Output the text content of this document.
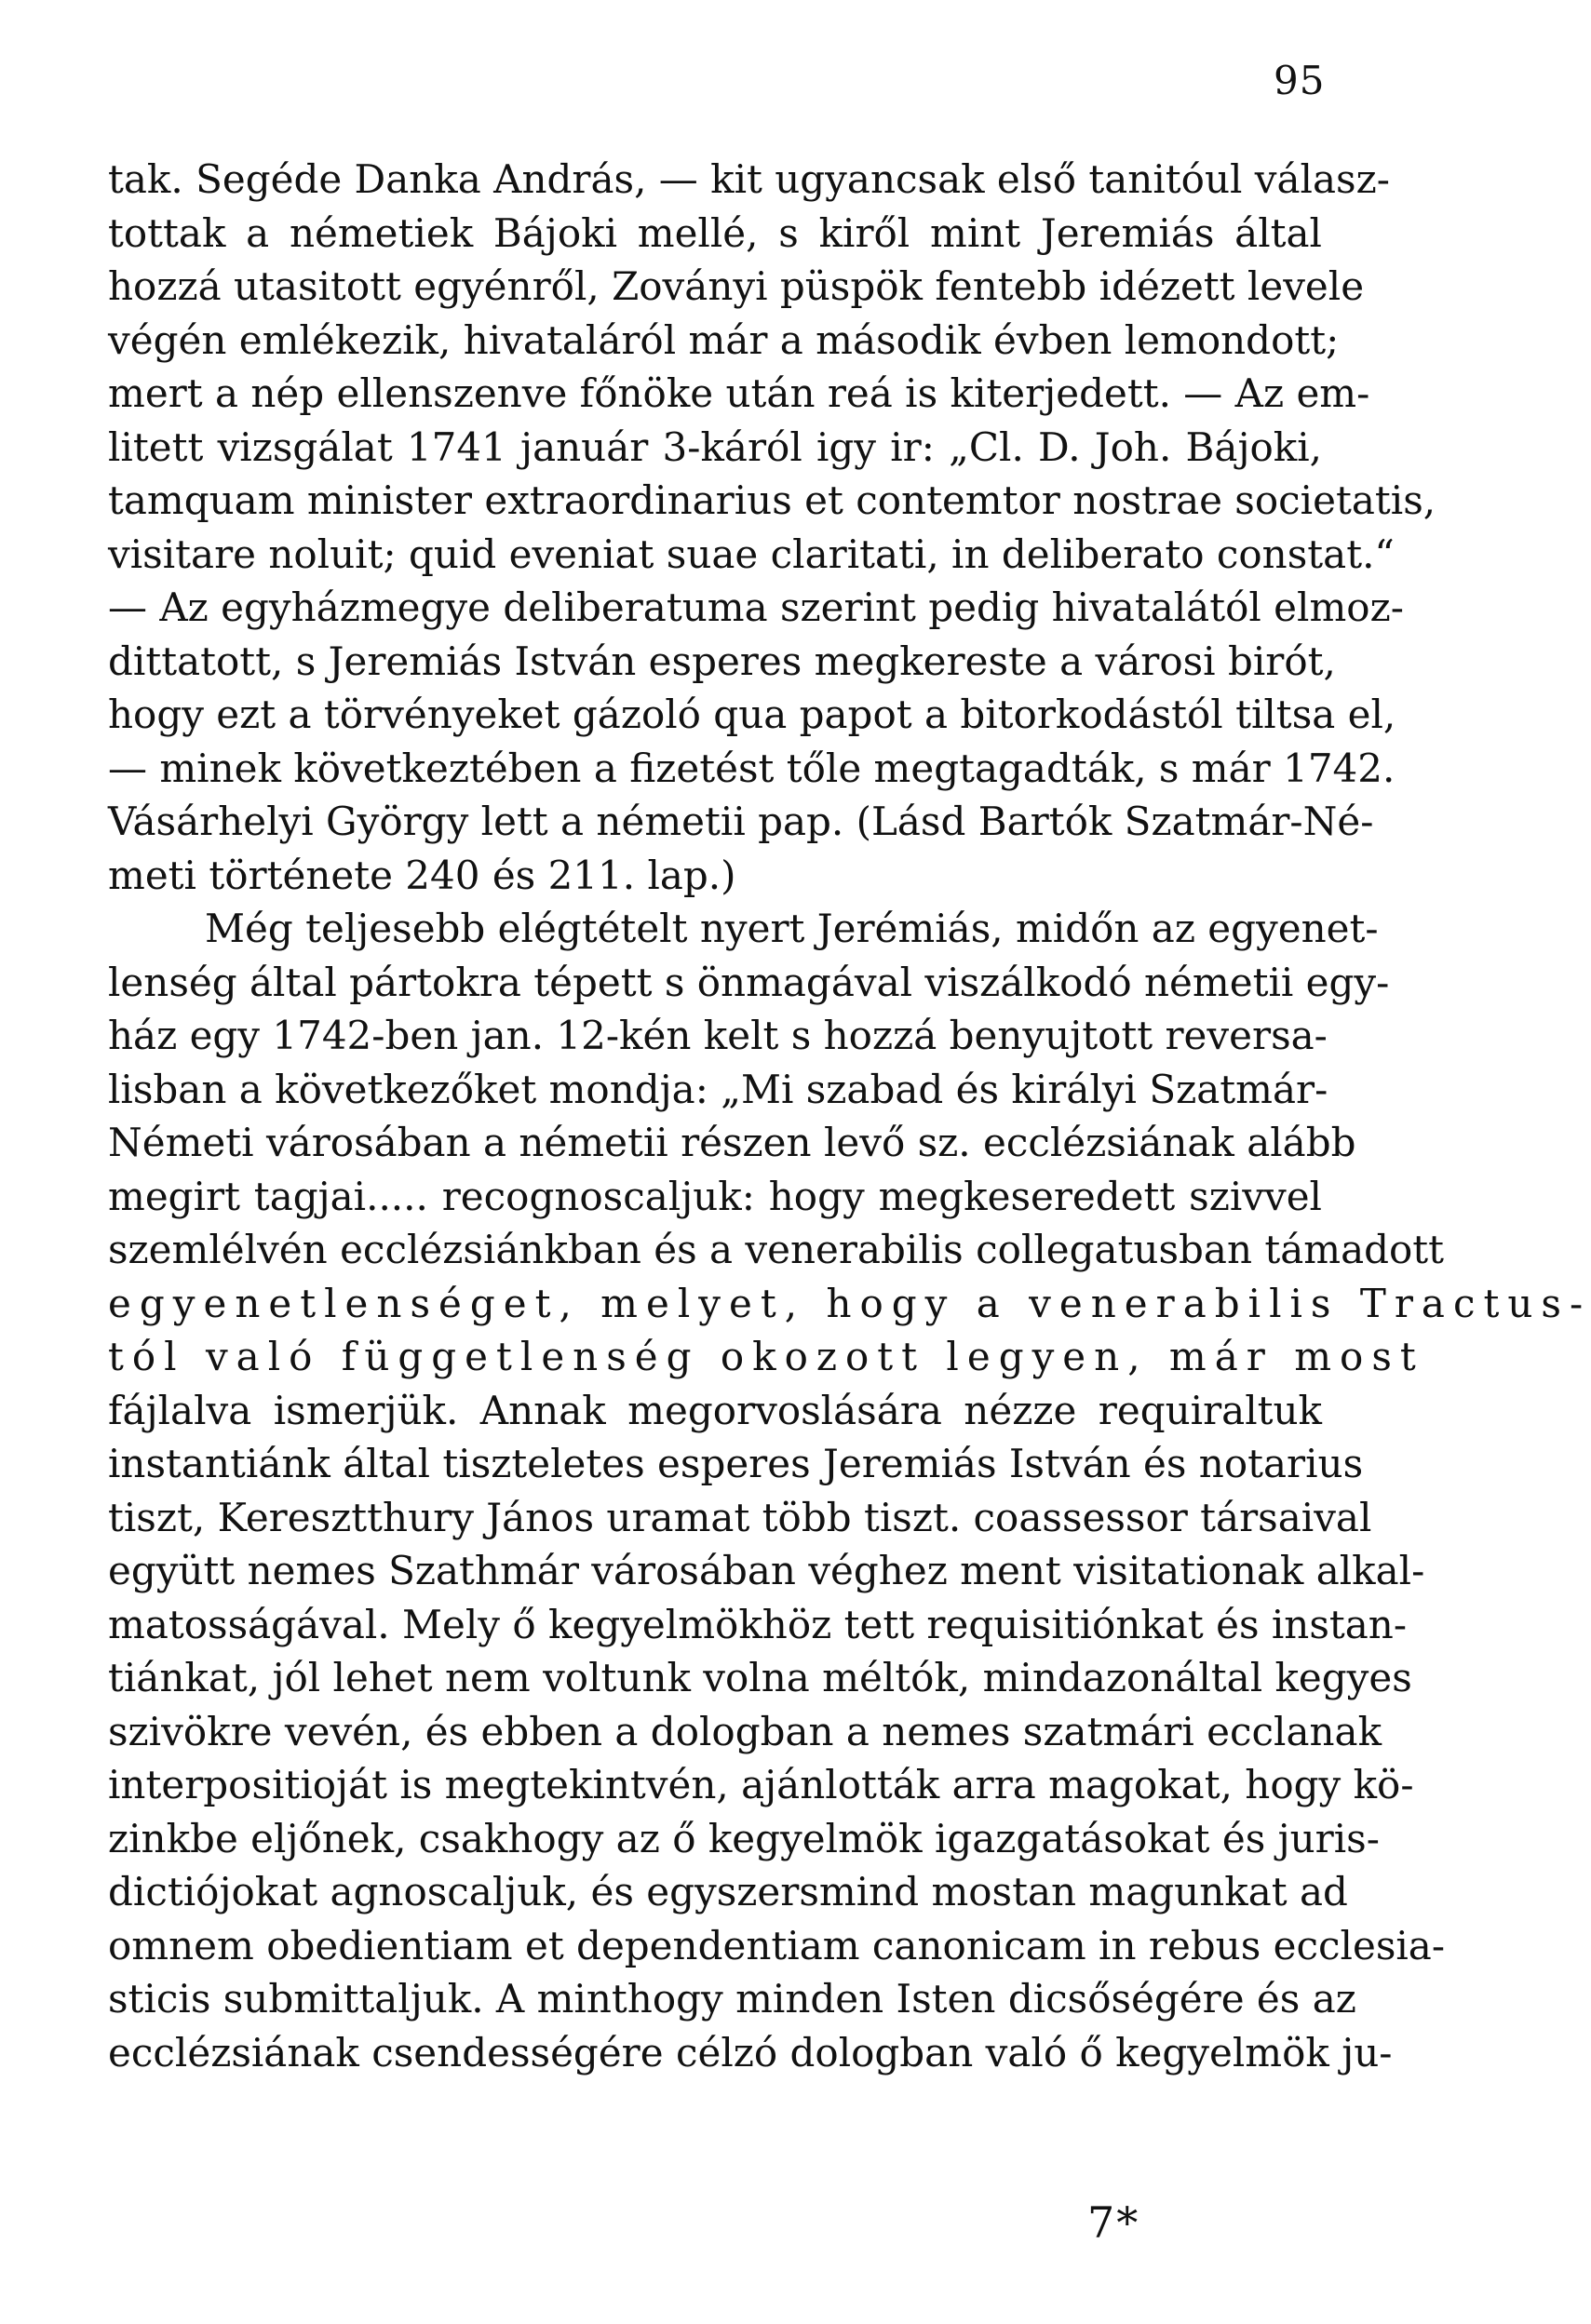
95
tak. Segéde Danka András, — kit ugyancsak első tanitóul válasz-
tottak a németiek Bájoki mellé, s kiről mint Jeremiás által
hozzá utasitott egyénről, Zoványi püspök fentebb idézett levele
végén emlékezik, hivataláról már a második évben lemondott;
mert a nép ellenszenve főnöke után reá is kiterjedett. — Az em-
litett vizsgálat 1741 január 3-káról igy ir: „Cl. D. Joh. Bájoki,
tamquam minister extraordinarius et contemtor nostrae societatis,
visitare noluit; quid eveniat suae claritati, in deliberato constat.“
— Az egyházmegye deliberatuma szerint pedig hivatalától elmoz-
dittatott, s Jeremiás István esperes megkereste a városi birót,
hogy ezt a törvényeket gázoló qua papot a bitorkodástól tiltsa el,
— minek következtében a fizetést tőle megtagadták, s már 1742.
Vásárhelyi György lett a németii pap. (Lásd Bartók Szatmár-Né-
meti története 240 és 211. lap.)
Még teljesebb elégtételt nyert Jerémiás, midőn az egyenet-
lenség által pártokra tépett s önmagával viszálkodó németii egy-
ház egy 1742-ben jan. 12-kén kelt s hozzá benyujtott reversa-
lisban a következőket mondja: „Mi szabad és királyi Szatmár-
Németi városában a németii részen levő sz. ecclézsiának alább
megirt tagjai..... recognoscaljuk: hogy megkeseredett szivvel
szemlélvén ecclézsiánkban és a venerabilis collegatusban támadott
egyenetlenséget, melyet, hogy a venerabilis Tractus-
tól való függetlenség okozott legyen, már most
fájlalva ismerjük. Annak megorvoslására nézze requiraltuk
instantiánk által tiszteletes esperes Jeremiás István és notarius
tiszt, Keresztthury János uramat több tiszt. coassessor társaival
együtt nemes Szathmár városában véghez ment visitationak alkal-
matosságával. Mely ő kegyelmökhöz tett requisitiónkat és instan-
tiánkat, jól lehet nem voltunk volna méltók, mindazonáltal kegyes
szivökre vevén, és ebben a dologban a nemes szatmári ecclanak
interpositioját is megtekintvén, ajánlották arra magokat, hogy kö-
zinkbe eljőnek, csakhogy az ő kegyelmök igazgatásokat és juris-
dictiójokat agnoscaljuk, és egyszersmind mostan magunkat ad
omnem obedientiam et dependentiam canonicam in rebus ecclesia-
sticis submittaljuk. A minthogy minden Isten dicsőségére és az
ecclézsiának csendességére célzó dologban való ő kegyelmök ju-
7*
